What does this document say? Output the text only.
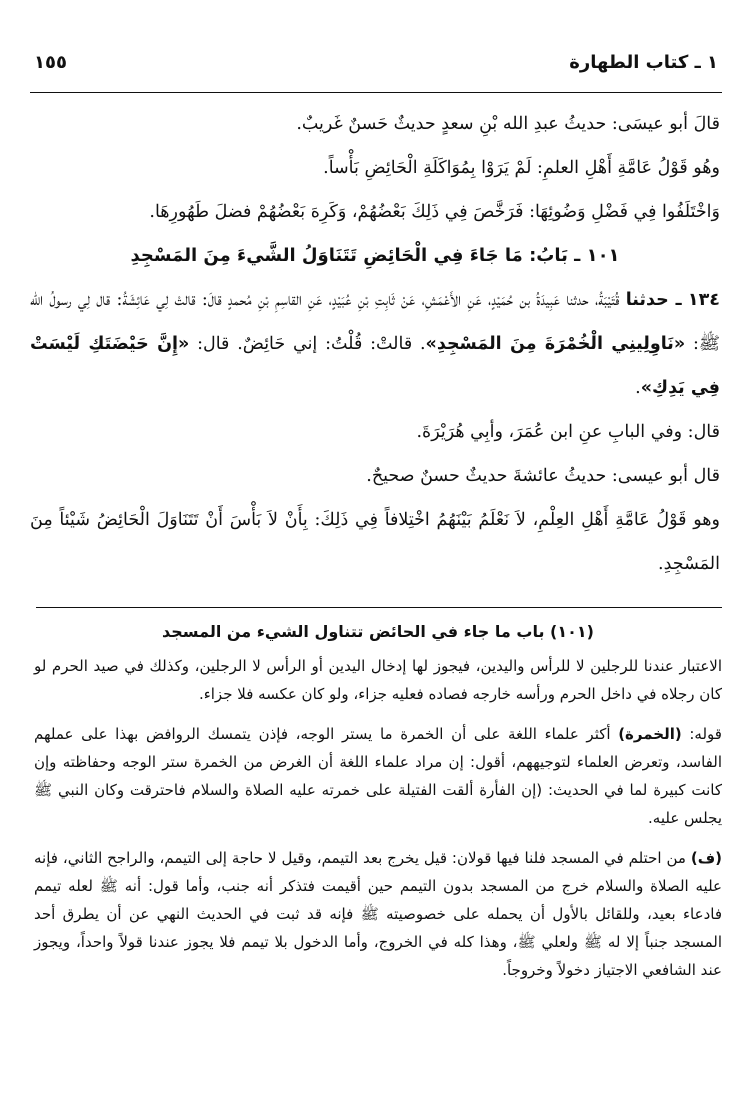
١ ـ كتاب الطهارة
١٥٥

قالَ أبو عيسَى: حديثُ عبدِ الله بْنِ سعدٍ حديثٌ حَسنٌ غَريبٌ.

وهُو قَوْلُ عَامَّةِ أَهْلِ العلمِ: لَمْ يَرَوْا بِمُوَاكَلَةِ الْحَائِضِ بَأْساً.

وَاخْتَلَفُوا فِي فَضْلِ وَضُوئِهَا: فَرَخَّصَ فِي ذَلِكَ بَعْضُهُمْ، وَكَرِهَ بَعْضُهُمْ فضلَ طَهُورِهَا.

١٠١ ـ بَابُ: مَا جَاءَ فِي الْحَائِضِ تَتَنَاوَلُ الشَّيءَ مِنَ المَسْجِدِ

١٣٤ ـ حدثنا قُتَيْبَةُ، حدثنا عَبِيدَةُ بن حُمَيْدٍ، عَنِ الأَعْمَشِ، عَنْ ثَابِتِ بْنِ عُبَيْدٍ، عَنِ القاسِمِ بْنِ مُحمدٍ قالَ: قالتْ لِي عَائِشَةُ: قال لِي رسولُ الله ﷺ: «نَاوِلِينِي الْخُمْرَةَ مِنَ المَسْجِدِ». قالتْ: قُلْتُ: إني حَائِضٌ. قال: «إِنَّ حَيْضَتَكِ لَيْسَتْ فِي يَدِكِ».

قال: وفي البابِ عنِ ابن عُمَرَ، وأبِي هُرَيْرَةَ.

قال أبو عيسى: حديثُ عائشةَ حديثٌ حسنٌ صحيحٌ.

وهو قَوْلُ عَامَّةِ أَهْلِ العِلْمِ، لاَ نَعْلَمُ بَيْنَهُمُ اخْتِلافاً فِي ذَلِكَ: بِأَنْ لاَ بَأْسَ أَنْ تَتَنَاوَلَ الْحَائِضُ شَيْئاً مِنَ المَسْجِدِ.

(١٠١) باب ما جاء في الحائض تتناول الشيء من المسجد

الاعتبار عندنا للرجلين لا للرأس واليدين، فيجوز لها إدخال اليدين أو الرأس لا الرجلين، وكذلك في صيد الحرم لو كان رجلاه في داخل الحرم ورأسه خارجه فصاده فعليه جزاء، ولو كان عكسه فلا جزاء.

قوله: (الخمرة) أكثر علماء اللغة على أن الخمرة ما يستر الوجه، فإذن يتمسك الروافض بهذا على عملهم الفاسد، وتعرض العلماء لتوجيههم، أقول: إن مراد علماء اللغة أن الغرض من الخمرة ستر الوجه وحفاظته وإن كانت كبيرة لما في الحديث: (إن الفأرة ألقت الفتيلة على خمرته عليه الصلاة والسلام فاحترقت وكان النبي ﷺ يجلس عليه.

(ف) من احتلم في المسجد فلنا فيها قولان: قيل يخرج بعد التيمم، وقيل لا حاجة إلى التيمم، والراجح الثاني، فإنه عليه الصلاة والسلام خرج من المسجد بدون التيمم حين أقيمت فتذكر أنه جنب، وأما قول: أنه ﷺ لعله تيمم فادعاء بعيد، وللقائل بالأول أن يحمله على خصوصيته ﷺ فإنه قد ثبت في الحديث النهي عن أن يطرق أحد المسجد جنباً إلا له ﷺ ولعلي ﷺ، وهذا كله في الخروج، وأما الدخول بلا تيمم فلا يجوز عندنا قولاً واحداً، ويجوز عند الشافعي الاجتياز دخولاً وخروجاً.
